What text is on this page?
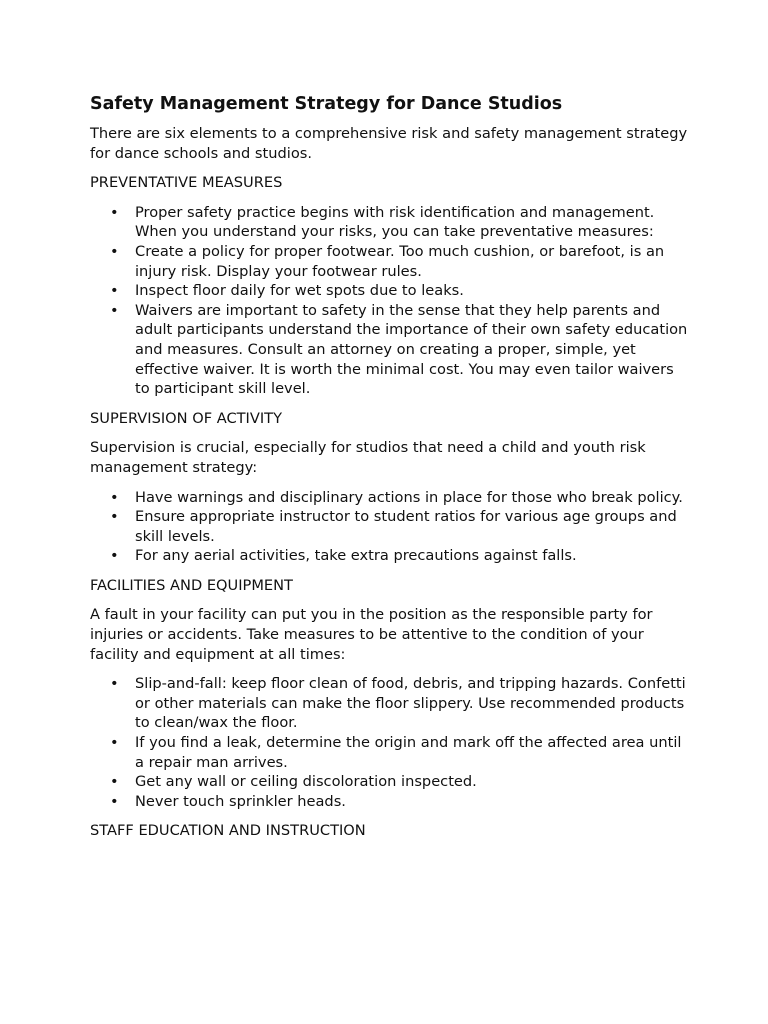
Safety Management Strategy for Dance Studios

There are six elements to a comprehensive risk and safety management strategy for dance schools and studios.

PREVENTATIVE MEASURES
• Proper safety practice begins with risk identification and management. When you understand your risks, you can take preventative measures:
• Create a policy for proper footwear. Too much cushion, or barefoot, is an injury risk. Display your footwear rules.
• Inspect floor daily for wet spots due to leaks.
• Waivers are important to safety in the sense that they help parents and adult participants understand the importance of their own safety education and measures. Consult an attorney on creating a proper, simple, yet effective waiver. It is worth the minimal cost. You may even tailor waivers to participant skill level.
SUPERVISION OF ACTIVITY

Supervision is crucial, especially for studios that need a child and youth risk management strategy:

• Have warnings and disciplinary actions in place for those who break policy.
• Ensure appropriate instructor to student ratios for various age groups and skill levels.
• For any aerial activities, take extra precautions against falls.
FACILITIES AND EQUIPMENT

A fault in your facility can put you in the position as the responsible party for injuries or accidents. Take measures to be attentive to the condition of your facility and equipment at all times:

• Slip-and-fall: keep floor clean of food, debris, and tripping hazards. Confetti or other materials can make the floor slippery. Use recommended products to clean/wax the floor.
• If you find a leak, determine the origin and mark off the affected area until a repair man arrives.
• Get any wall or ceiling discoloration inspected.
• Never touch sprinkler heads.
STAFF EDUCATION AND INSTRUCTION
